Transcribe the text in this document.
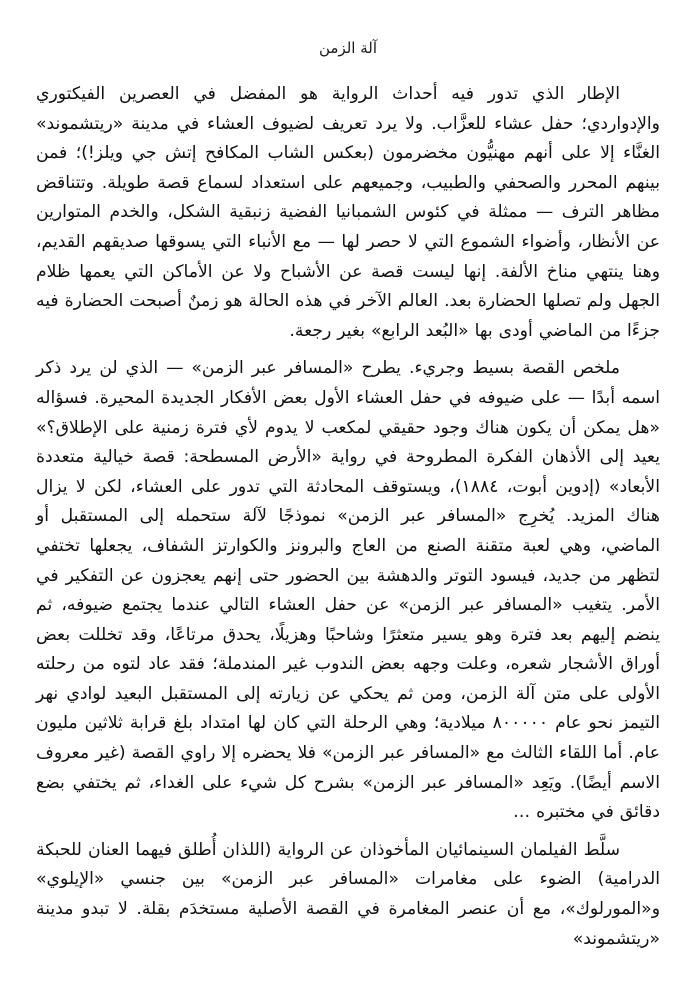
آلة الزمن

الإطار الذي تدور فيه أحداث الرواية هو المفضل في العصرين الفيكتوري والإدواردي؛ حفل عشاء للعزَّاب. ولا يرد تعريف لضيوف العشاء في مدينة «ريتشموند» الغنَّاء إلا على أنهم مهنيُّون مخضرمون (بعكس الشاب المكافح إتش جي ويلز!)؛ فمن بينهم المحرر والصحفي والطبيب، وجميعهم على استعداد لسماع قصة طويلة. وتتناقض مظاهر الترف — ممثلة في كئوس الشمبانيا الفضية زنبقية الشكل، والخدم المتوارين عن الأنظار، وأضواء الشموع التي لا حصر لها — مع الأنباء التي يسوقها صديقهم القديم، وهنا ينتهي مناخ الألفة. إنها ليست قصة عن الأشباح ولا عن الأماكن التي يعمها ظلام الجهل ولم تصلها الحضارة بعد. العالم الآخر في هذه الحالة هو زمنٌ أصبحت الحضارة فيه جزءًا من الماضي أودى بها «البُعد الرابع» بغير رجعة.

ملخص القصة بسيط وجريء. يطرح «المسافر عبر الزمن» — الذي لن يرد ذكر اسمه أبدًا — على ضيوفه في حفل العشاء الأول بعض الأفكار الجديدة المحيرة. فسؤاله «هل يمكن أن يكون هناك وجود حقيقي لمكعب لا يدوم لأي فترة زمنية على الإطلاق؟» يعيد إلى الأذهان الفكرة المطروحة في رواية «الأرض المسطحة: قصة خيالية متعددة الأبعاد» (إدوين أبوت، ١٨٨٤)، ويستوقف المحادثة التي تدور على العشاء، لكن لا يزال هناك المزيد. يُخرِج «المسافر عبر الزمن» نموذجًا لآلة ستحمله إلى المستقبل أو الماضي، وهي لعبة متقنة الصنع من العاج والبرونز والكوارتز الشفاف، يجعلها تختفي لتظهر من جديد، فيسود التوتر والدهشة بين الحضور حتى إنهم يعجزون عن التفكير في الأمر. يتغيب «المسافر عبر الزمن» عن حفل العشاء التالي عندما يجتمع ضيوفه، ثم ينضم إليهم بعد فترة وهو يسير متعثرًا وشاحبًا وهزيلًا، يحدق مرتاعًا، وقد تخللت بعض أوراق الأشجار شعره، وعلت وجهه بعض الندوب غير المندملة؛ فقد عاد لتوه من رحلته الأولى على متن آلة الزمن، ومن ثم يحكي عن زيارته إلى المستقبل البعيد لوادي نهر التيمز نحو عام ٨٠٠٠٠٠ ميلادية؛ وهي الرحلة التي كان لها امتداد بلغ قرابة ثلاثين مليون عام. أما اللقاء الثالث مع «المسافر عبر الزمن» فلا يحضره إلا راوي القصة (غير معروف الاسم أيضًا). ويَعِد «المسافر عبر الزمن» بشرح كل شيء على الغداء، ثم يختفي بضع دقائق في مختبره …

سلَّط الفيلمان السينمائيان المأخوذان عن الرواية (اللذان أُطلق فيهما العنان للحبكة الدرامية) الضوء على مغامرات «المسافر عبر الزمن» بين جنسي «الإيلوي» و«المورلوك»، مع أن عنصر المغامرة في القصة الأصلية مستخدَم بقلة. لا تبدو مدينة «ريتشموند»
